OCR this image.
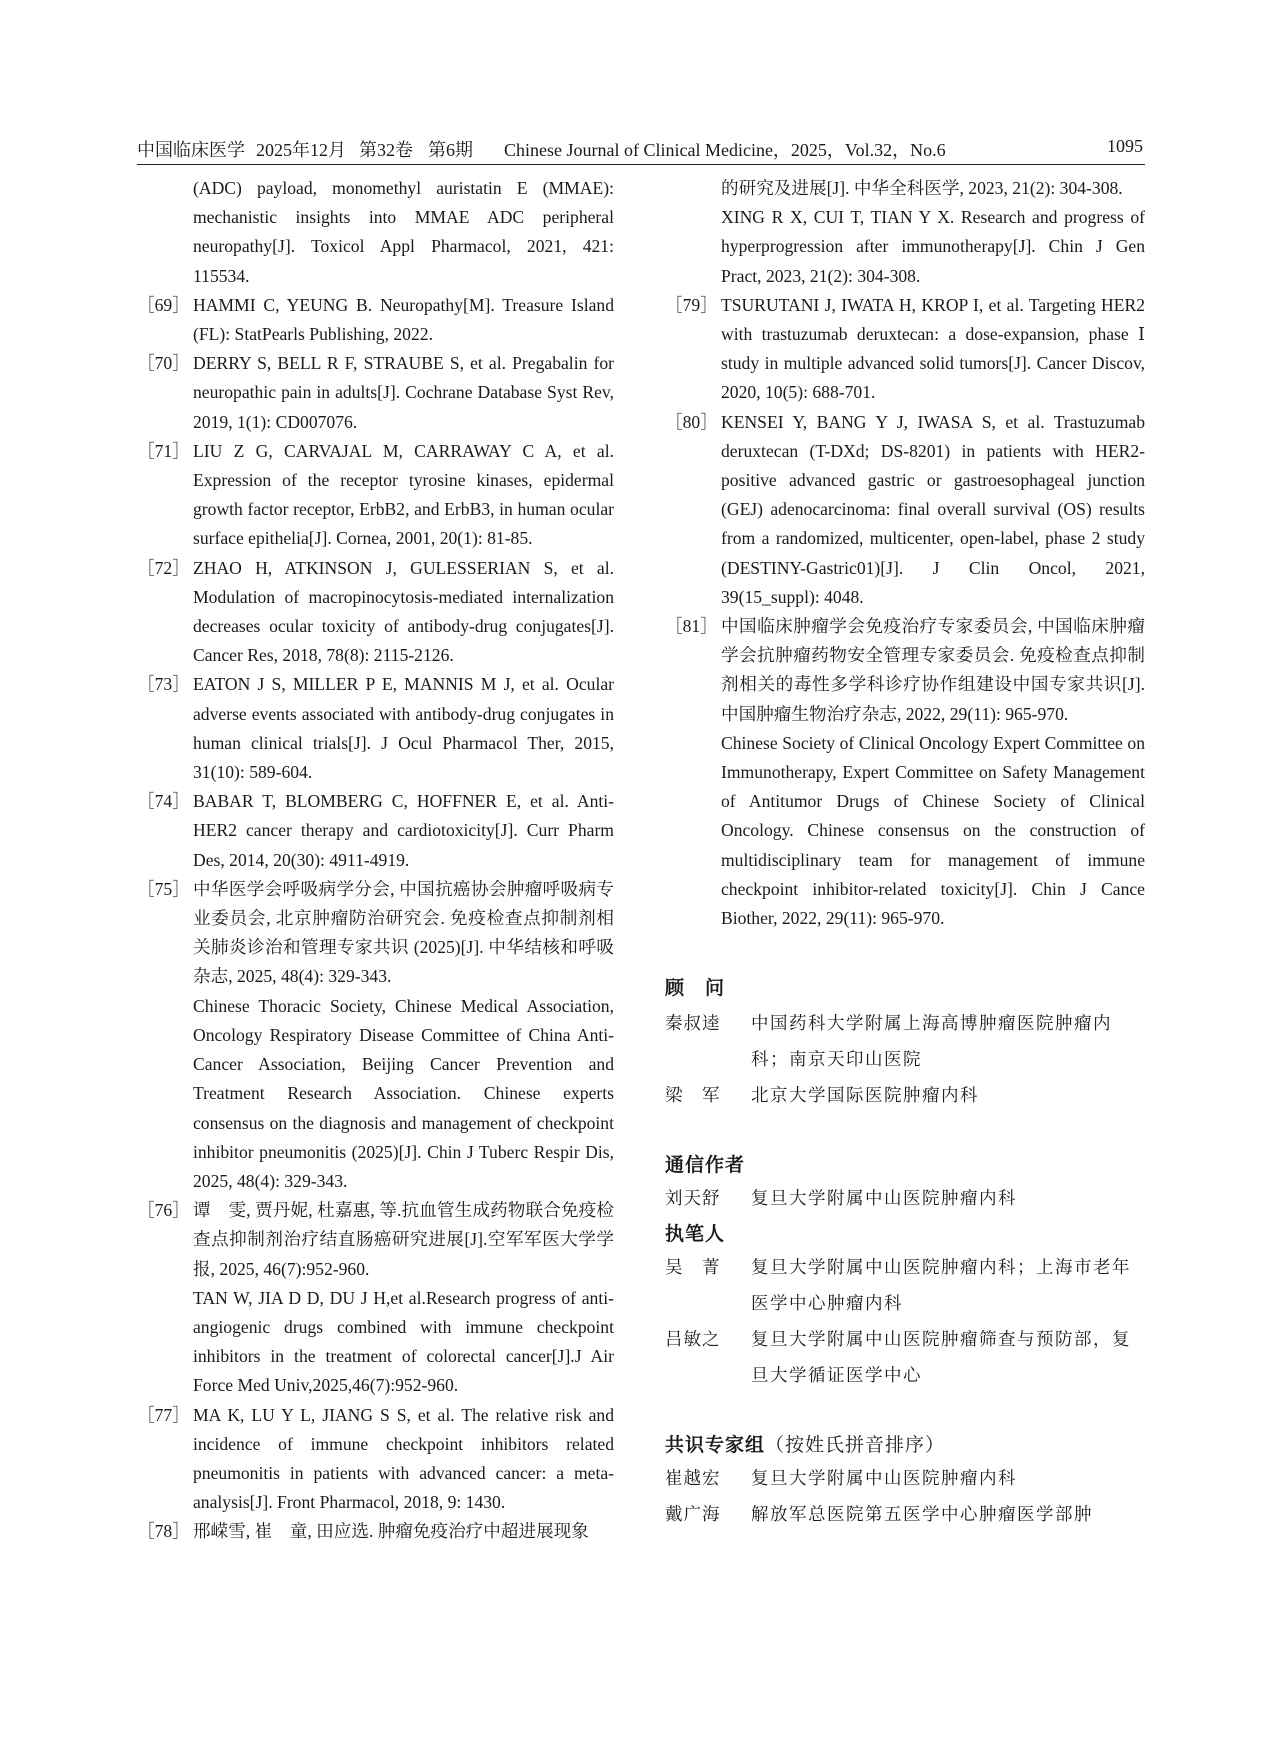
中国临床医学 2025年12月 第32卷 第6期 Chinese Journal of Clinical Medicine，2025，Vol.32，No.6	1095

(ADC) payload, monomethyl auristatin E (MMAE): mechanistic insights into MMAE ADC peripheral neuropathy[J]. Toxicol Appl Pharmacol, 2021, 421: 115534.

［69］ HAMMI C, YEUNG B. Neuropathy[M]. Treasure Island (FL): StatPearls Publishing, 2022.

［70］ DERRY S, BELL R F, STRAUBE S, et al. Pregabalin for neuropathic pain in adults[J]. Cochrane Database Syst Rev, 2019, 1(1): CD007076.

［71］ LIU Z G, CARVAJAL M, CARRAWAY C A, et al. Expression of the receptor tyrosine kinases, epidermal growth factor receptor, ErbB2, and ErbB3, in human ocular surface epithelia[J]. Cornea, 2001, 20(1): 81-85.

［72］ ZHAO H, ATKINSON J, GULESSERIAN S, et al. Modulation of macropinocytosis-mediated internalization decreases ocular toxicity of antibody-drug conjugates[J]. Cancer Res, 2018, 78(8): 2115-2126.

［73］ EATON J S, MILLER P E, MANNIS M J, et al. Ocular adverse events associated with antibody-drug conjugates in human clinical trials[J]. J Ocul Pharmacol Ther, 2015, 31(10): 589-604.

［74］ BABAR T, BLOMBERG C, HOFFNER E, et al. Anti-HER2 cancer therapy and cardiotoxicity[J]. Curr Pharm Des, 2014, 20(30): 4911-4919.

［75］ 中华医学会呼吸病学分会, 中国抗癌协会肿瘤呼吸病专业委员会, 北京肿瘤防治研究会. 免疫检查点抑制剂相关肺炎诊治和管理专家共识 (2025)[J]. 中华结核和呼吸杂志, 2025, 48(4): 329-343.

Chinese Thoracic Society, Chinese Medical Association, Oncology Respiratory Disease Committee of China Anti-Cancer Association, Beijing Cancer Prevention and Treatment Research Association. Chinese experts consensus on the diagnosis and management of checkpoint inhibitor pneumonitis (2025)[J]. Chin J Tuberc Respir Dis, 2025, 48(4): 329-343.

［76］ 谭　雯, 贾丹妮, 杜嘉惠, 等.抗血管生成药物联合免疫检查点抑制剂治疗结直肠癌研究进展[J].空军军医大学学报, 2025, 46(7):952-960.

TAN W, JIA D D, DU J H,et al.Research progress of anti-angiogenic drugs combined with immune checkpoint inhibitors in the treatment of colorectal cancer[J].J Air Force Med Univ,2025,46(7):952-960.

［77］ MA K, LU Y L, JIANG S S, et al. The relative risk and incidence of immune checkpoint inhibitors related pneumonitis in patients with advanced cancer: a meta-analysis[J]. Front Pharmacol, 2018, 9: 1430.

［78］ 邢嵘雪, 崔　童, 田应选. 肿瘤免疫治疗中超进展现象

的研究及进展[J]. 中华全科医学, 2023, 21(2): 304-308.

XING R X, CUI T, TIAN Y X. Research and progress of hyperprogression after immunotherapy[J]. Chin J Gen Pract, 2023, 21(2): 304-308.

［79］ TSURUTANI J, IWATA H, KROP I, et al. Targeting HER2 with trastuzumab deruxtecan: a dose-expansion, phase Ⅰ study in multiple advanced solid tumors[J]. Cancer Discov, 2020, 10(5): 688-701.

［80］ KENSEI Y, BANG Y J, IWASA S, et al. Trastuzumab deruxtecan (T-DXd; DS-8201) in patients with HER2-positive advanced gastric or gastroesophageal junction (GEJ) adenocarcinoma: final overall survival (OS) results from a randomized, multicenter, open-label, phase 2 study (DESTINY-Gastric01)[J]. J Clin Oncol, 2021, 39(15_suppl): 4048.

［81］ 中国临床肿瘤学会免疫治疗专家委员会, 中国临床肿瘤学会抗肿瘤药物安全管理专家委员会. 免疫检查点抑制剂相关的毒性多学科诊疗协作组建设中国专家共识[J]. 中国肿瘤生物治疗杂志, 2022, 29(11): 965-970.

Chinese Society of Clinical Oncology Expert Committee on Immunotherapy, Expert Committee on Safety Management of Antitumor Drugs of Chinese Society of Clinical Oncology. Chinese consensus on the construction of multidisciplinary team for management of immune checkpoint inhibitor-related toxicity[J]. Chin J Cance Biother, 2022, 29(11): 965-970.

顾　问
秦叔逵 中国药科大学附属上海高博肿瘤医院肿瘤内科；南京天印山医院
梁　军 北京大学国际医院肿瘤内科
通信作者
刘天舒 复旦大学附属中山医院肿瘤内科
执笔人
吴　菁 复旦大学附属中山医院肿瘤内科；上海市老年医学中心肿瘤内科
吕敏之 复旦大学附属中山医院肿瘤筛查与预防部，复旦大学循证医学中心
共识专家组（按姓氏拼音排序）
崔越宏 复旦大学附属中山医院肿瘤内科
戴广海 解放军总医院第五医学中心肿瘤医学部肿
